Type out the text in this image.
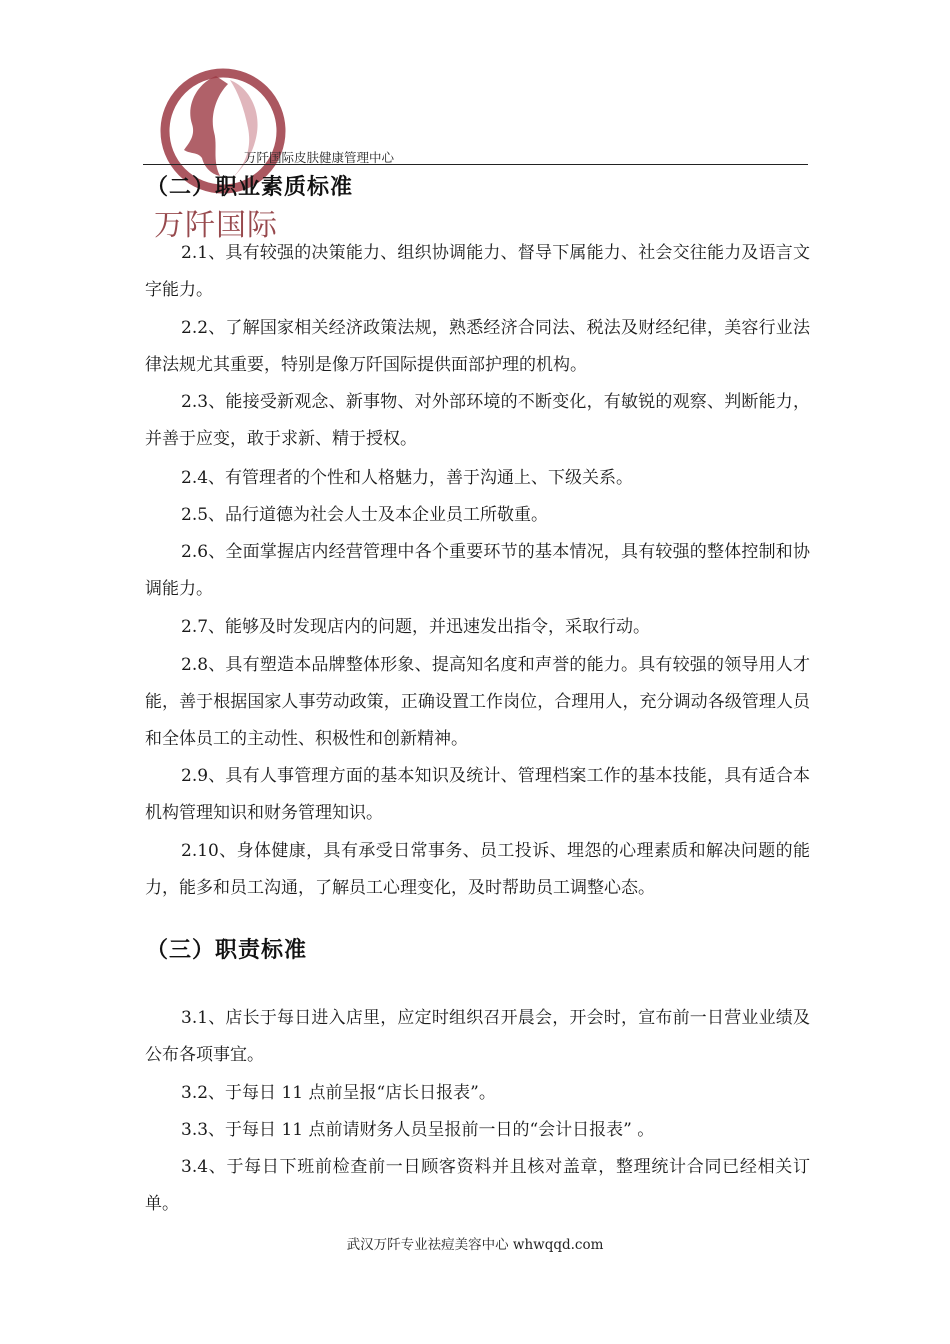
万阡国际皮肤健康管理中心
万阡国际
（二）职业素质标准

2.1、具有较强的决策能力、组织协调能力、督导下属能力、社会交往能力及语言文字能力。

2.2、了解国家相关经济政策法规，熟悉经济合同法、税法及财经纪律，美容行业法律法规尤其重要，特别是像万阡国际提供面部护理的机构。

2.3、能接受新观念、新事物、对外部环境的不断变化，有敏锐的观察、判断能力，并善于应变，敢于求新、精于授权。

2.4、有管理者的个性和人格魅力，善于沟通上、下级关系。

2.5、品行道德为社会人士及本企业员工所敬重。

2.6、全面掌握店内经营管理中各个重要环节的基本情况，具有较强的整体控制和协调能力。

2.7、能够及时发现店内的问题，并迅速发出指令，采取行动。

2.8、具有塑造本品牌整体形象、提高知名度和声誉的能力。具有较强的领导用人才能，善于根据国家人事劳动政策，正确设置工作岗位，合理用人，充分调动各级管理人员和全体员工的主动性、积极性和创新精神。

2.9、具有人事管理方面的基本知识及统计、管理档案工作的基本技能，具有适合本机构管理知识和财务管理知识。

2.10、身体健康，具有承受日常事务、员工投诉、埋怨的心理素质和解决问题的能力，能多和员工沟通，了解员工心理变化，及时帮助员工调整心态。

（三）职责标准

3.1、店长于每日进入店里，应定时组织召开晨会，开会时，宣布前一日营业业绩及公布各项事宜。

3.2、于每日 11 点前呈报“店长日报表”。

3.3、于每日 11 点前请财务人员呈报前一日的“会计日报表” 。

3.4、于每日下班前检查前一日顾客资料并且核对盖章，整理统计合同已经相关订单。

武汉万阡专业祛痘美容中心 whwqqd.com
